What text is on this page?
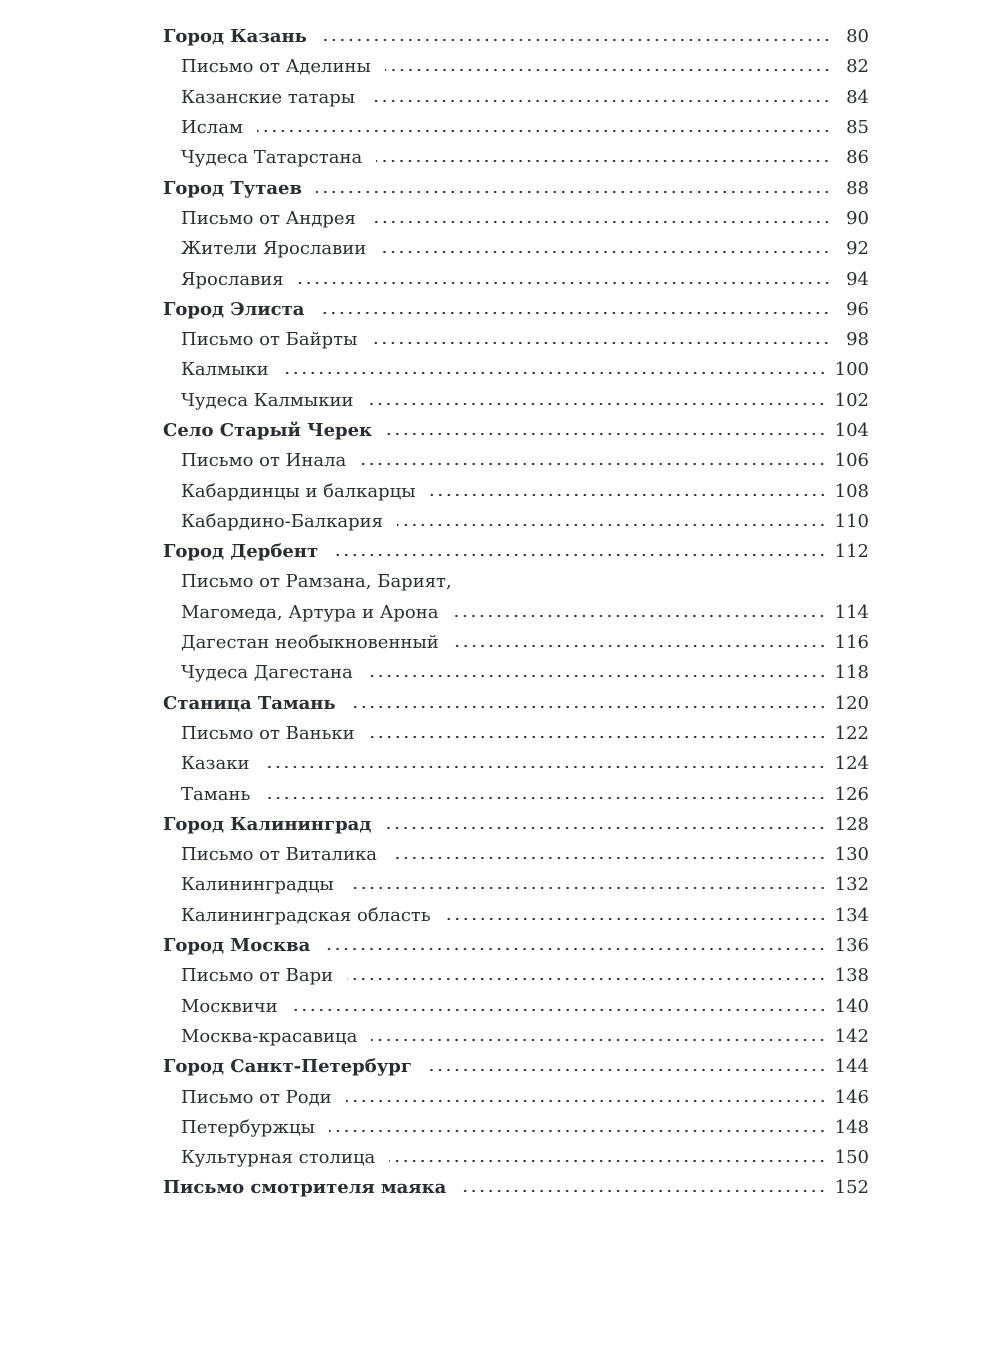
Город Казань	80
Письмо от Аделины	82
Казанские татары	84
Ислам	85
Чудеса Татарстана	86
Город Тутаев	88
Письмо от Андрея	90
Жители Ярославии	92
Ярославия	94
Город Элиста	96
Письмо от Байрты	98
Калмыки	100
Чудеса Калмыкии	102
Село Старый Черек	104
Письмо от Инала	106
Кабардинцы и балкарцы	108
Кабардино-Балкария	110
Город Дербент	112
Письмо от Рамзана, Барият,
Магомеда, Артура и Арона	114
Дагестан необыкновенный	116
Чудеса Дагестана	118
Станица Тамань	120
Письмо от Ваньки	122
Казаки	124
Тамань	126
Город Калининград	128
Письмо от Виталика	130
Калининградцы	132
Калининградская область	134
Город Москва	136
Письмо от Вари	138
Москвичи	140
Москва-красавица	142
Город Санкт-Петербург	144
Письмо от Роди	146
Петербуржцы	148
Культурная столица	150
Письмо смотрителя маяка	152
